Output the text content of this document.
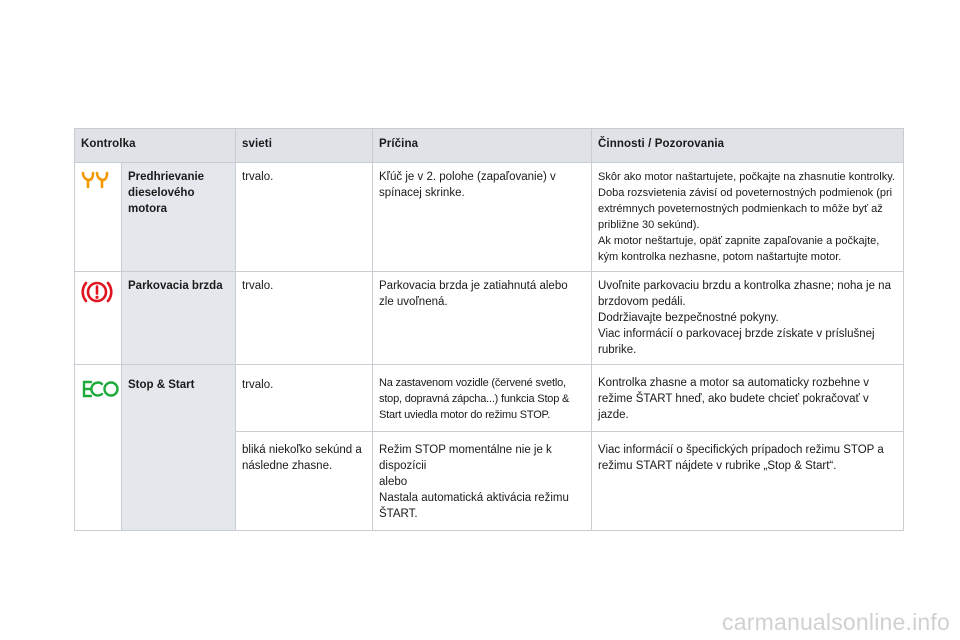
Kontrolka		svieti	Príčina	Činnosti / Pozorovania
	Predhrievanie dieselového motora	trvalo.	Kľúč je v 2. polohe (zapaľovanie) v spínacej skrinke.	Skôr ako motor naštartujete, počkajte na zhasnutie kontrolky.
Doba rozsvietenia závisí od poveternostných podmienok (pri extrémnych poveternostných podmienkach to môže byť až približne 30 sekúnd).
Ak motor neštartuje, opäť zapnite zapaľovanie a počkajte, kým kontrolka nezhasne, potom naštartujte motor.
	Parkovacia brzda	trvalo.	Parkovacia brzda je zatiahnutá alebo zle uvoľnená.	Uvoľnite parkovaciu brzdu a kontrolka zhasne; noha je na brzdovom pedáli.

Dodržiavajte bezpečnostné pokyny.

Viac informácií o parkovacej brzde získate v príslušnej rubrike.

	Stop & Start	trvalo.	Na zastavenom vozidle (červené svetlo, stop, dopravná zápcha...) funkcia Stop & Start uviedla motor do režimu STOP.	Kontrolka zhasne a motor sa automaticky rozbehne v režime ŠTART hneď, ako budete chcieť pokračovať v jazde.
		bliká niekoľko sekúnd a následne zhasne.	Režim STOP momentálne nie je k dispozícii
alebo
Nastala automatická aktivácia režimu ŠTART.	Viac informácií o špecifických prípadoch režimu STOP a režimu START nájdete v rubrike „Stop & Start“.
carmanualsonline.info
